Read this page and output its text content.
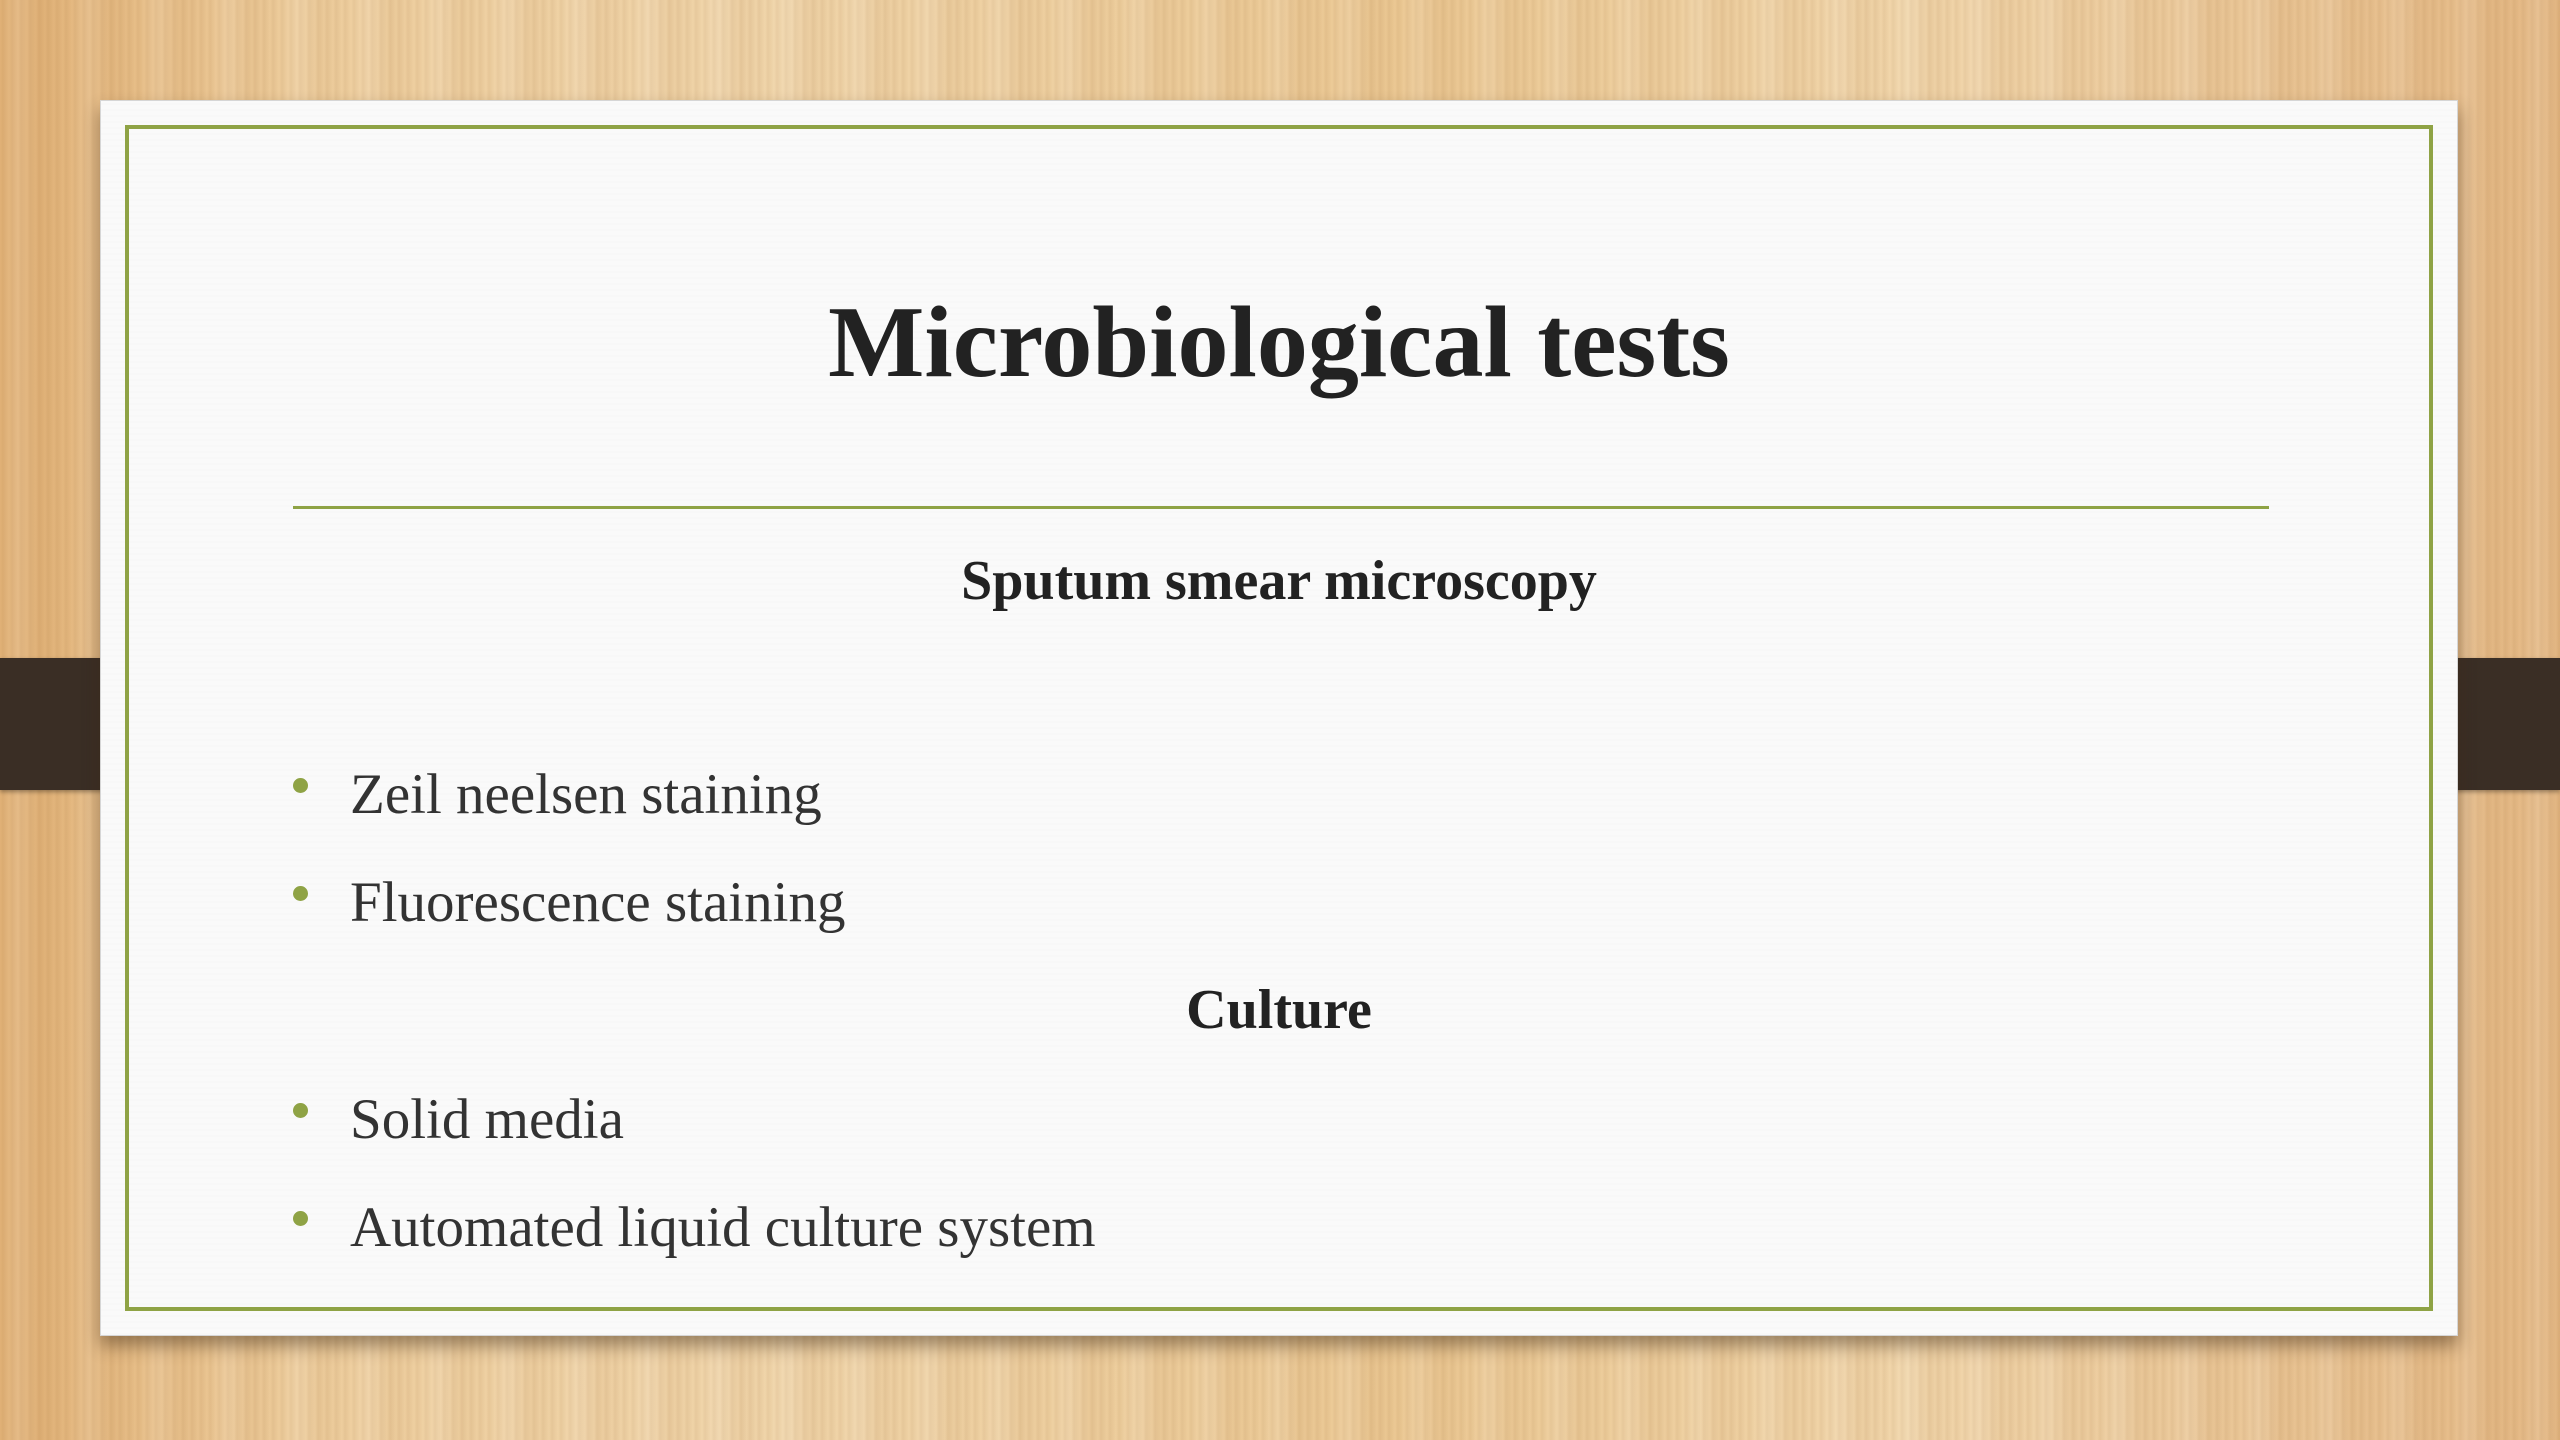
Microbiological tests
Sputum smear microscopy
Zeil neelsen staining
Fluorescence staining
Culture
Solid media
Automated liquid culture system
